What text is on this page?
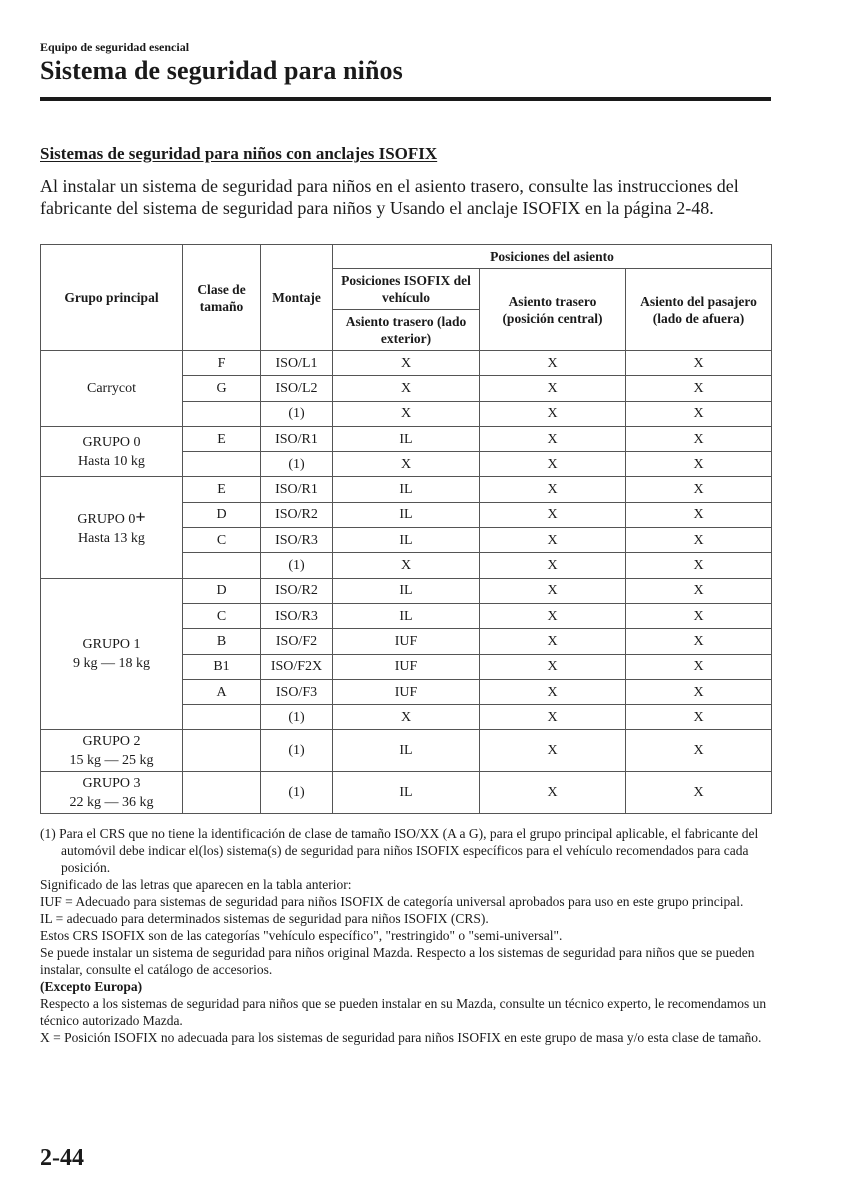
Equipo de seguridad esencial
Sistema de seguridad para niños
Sistemas de seguridad para niños con anclajes ISOFIX
Al instalar un sistema de seguridad para niños en el asiento trasero, consulte las instrucciones del fabricante del sistema de seguridad para niños y Usando el anclaje ISOFIX en la página 2-48.
Grupo principal	Clase de tamaño	Montaje	Posiciones del asiento		
			Posiciones ISOFIX del vehículo	Asiento trasero (posición central)	Asiento del pasajero (lado de afuera)
			Asiento trasero (lado exterior)		
Carrycot	F	ISO/L1	X	X	X
	G	ISO/L2	X	X	X
		(1)	X	X	X
GRUPO 0
Hasta 10 kg	E	ISO/R1	IL	X	X
		(1)	X	X	X
GRUPO 0+
Hasta 13 kg	E	ISO/R1	IL	X	X
	D	ISO/R2	IL	X	X
	C	ISO/R3	IL	X	X
		(1)	X	X	X
GRUPO 1
9 kg — 18 kg	D	ISO/R2	IL	X	X
	C	ISO/R3	IL	X	X
	B	ISO/F2	IUF	X	X
	B1	ISO/F2X	IUF	X	X
	A	ISO/F3	IUF	X	X
		(1)	X	X	X
GRUPO 2
15 kg — 25 kg		(1)	IL	X	X
GRUPO 3
22 kg — 36 kg		(1)	IL	X	X

(1) Para el CRS que no tiene la identificación de clase de tamaño ISO/XX (A a G), para el grupo principal aplicable, el fabricante del automóvil debe indicar el(los) sistema(s) de seguridad para niños ISOFIX específicos para el vehículo recomendados para cada posición.

Significado de las letras que aparecen en la tabla anterior:

IUF = Adecuado para sistemas de seguridad para niños ISOFIX de categoría universal aprobados para uso en este grupo principal.

IL = adecuado para determinados sistemas de seguridad para niños ISOFIX (CRS).

Estos CRS ISOFIX son de las categorías "vehículo específico", "restringido" o "semi-universal".

Se puede instalar un sistema de seguridad para niños original Mazda. Respecto a los sistemas de seguridad para niños que se pueden instalar, consulte el catálogo de accesorios.

(Excepto Europa)

Respecto a los sistemas de seguridad para niños que se pueden instalar en su Mazda, consulte un técnico experto, le recomendamos un técnico autorizado Mazda.

X = Posición ISOFIX no adecuada para los sistemas de seguridad para niños ISOFIX en este grupo de masa y/o esta clase de tamaño.

2-44
